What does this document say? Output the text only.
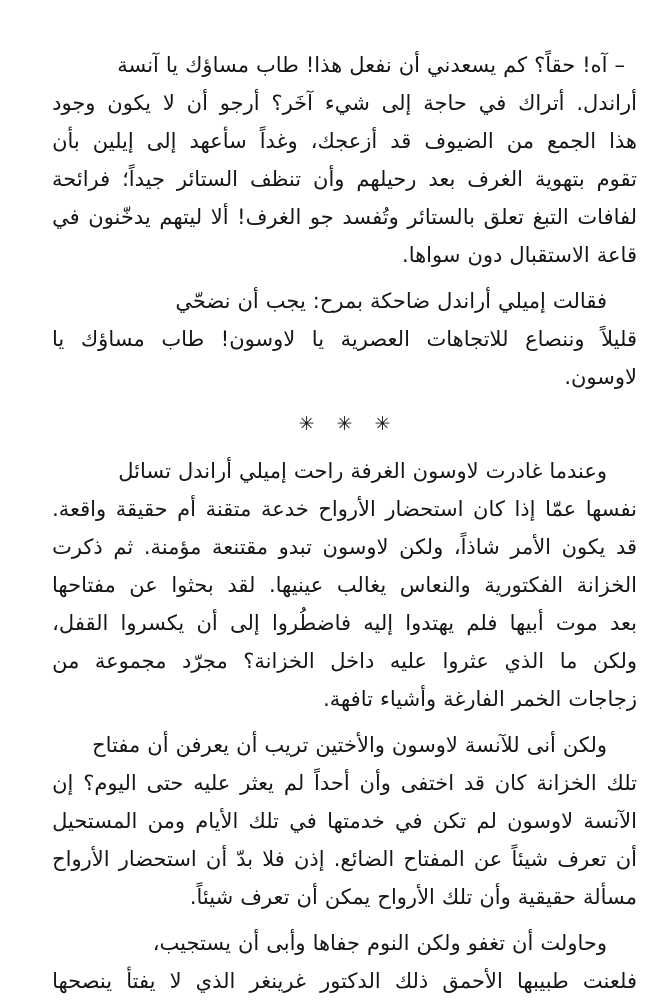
–
آه!
حقاً؟
كم
يسعدني
أن
نفعل
هذا!
طاب
مساؤك
يا
آنسة
أراندل.
أتراك
في
حاجة
إلى
شيء
آخَر؟
أرجو
أن
لا
يكون
وجود
هذا
الجمع
من
الضيوف
قد
أزعجك،
وغداً
سأعهد
إلى
إيلين
بأن
تقوم
بتهوية
الغرف
بعد
رحيلهم
وأن
تنظف
الستائر
جيداً؛
فرائحة
لفافات
التبغ
تعلق
بالستائر
وتُفسد
جو
الغرف!
ألا
ليتهم
يدخّنون
في
قاعة
الاستقبال
دون
سواها.

فقالت
إميلي
أراندل
ضاحكة
بمرح:
يجب
أن
نضحّي
قليلاً
وننصاع
للاتجاهات
العصرية
يا
لاوسون!
طاب
مساؤك
يا
لاوسون.

✳
✳
✳

وعندما
غادرت
لاوسون
الغرفة
راحت
إميلي
أراندل
تسائل
نفسها
عمّا
إذا
كان
استحضار
الأرواح
خدعة
متقنة
أم
حقيقة
واقعة.
قد
يكون
الأمر
شاذاً،
ولكن
لاوسون
تبدو
مقتنعة
مؤمنة.
ثم
ذكرت
الخزانة
الفكتورية
والنعاس
يغالب
عينيها.
لقد
بحثوا
عن
مفتاحها
بعد
موت
أبيها
فلم
يهتدوا
إليه
فاضطُروا
إلى
أن
يكسروا
القفل،
ولكن
ما
الذي
عثروا
عليه
داخل
الخزانة؟
مجرّد
مجموعة
من
زجاجات
الخمر
الفارغة
وأشياء
تافهة.

ولكن
أنى
للآنسة
لاوسون
والأختين
تريب
أن
يعرفن
أن
مفتاح
تلك
الخزانة
كان
قد
اختفى
وأن
أحداً
لم
يعثر
عليه
حتى
اليوم؟
إن
الآنسة
لاوسون
لم
تكن
في
خدمتها
في
تلك
الأيام
ومن
المستحيل
أن
تعرف
شيئاً
عن
المفتاح
الضائع.
إذن
فلا
بدّ
أن
استحضار
الأرواح
مسألة
حقيقية
وأن
تلك
الأرواح
يمكن
أن
تعرف
شيئاً.

وحاولت
أن
تغفو
ولكن
النوم
جفاها
وأبى
أن
يستجيب،
فلعنت
طبيبها
الأحمق
ذلك
الدكتور
غرينغر
الذي
لا
يفتأ
ينصحها
